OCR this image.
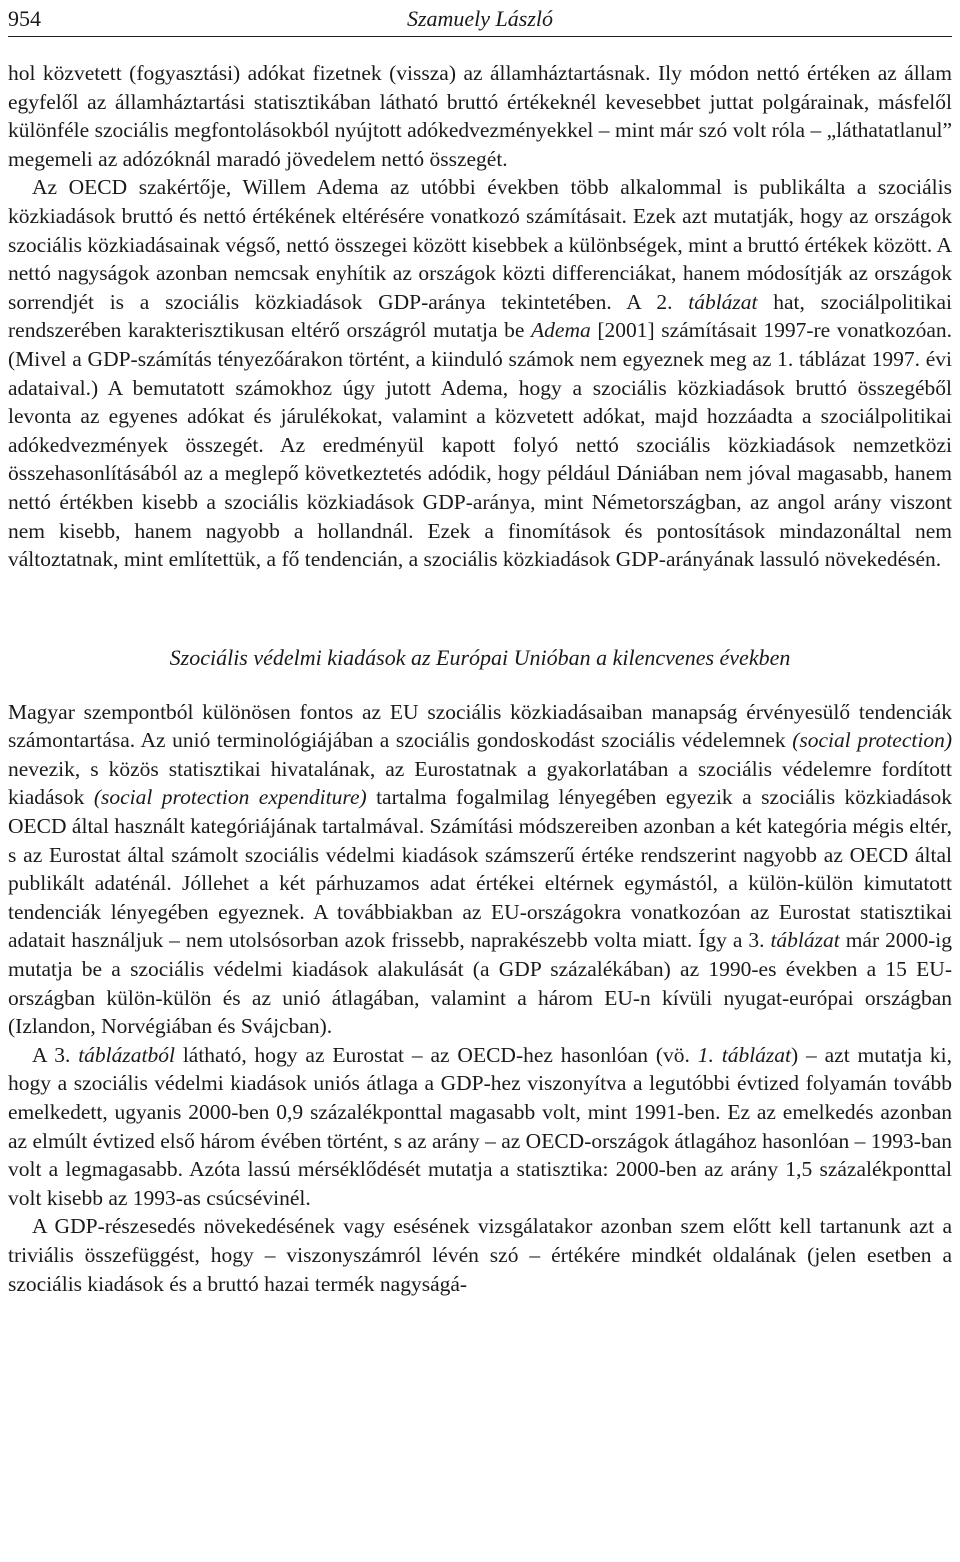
954	Szamuely László

hol közvetett (fogyasztási) adókat fizetnek (vissza) az államháztartásnak. Ily módon nettó értéken az állam egyfelől az államháztartási statisztikában látható bruttó értékeknél kevesebbet juttat polgárainak, másfelől különféle szociális megfontolásokból nyújtott adókedvezményekkel – mint már szó volt róla – „láthatatlanul” megemeli az adózóknál maradó jövedelem nettó összegét.

Az OECD szakértője, Willem Adema az utóbbi években több alkalommal is publikálta a szociális közkiadások bruttó és nettó értékének eltérésére vonatkozó számításait. Ezek azt mutatják, hogy az országok szociális közkiadásainak végső, nettó összegei között kisebbek a különbségek, mint a bruttó értékek között. A nettó nagyságok azonban nemcsak enyhítik az országok közti differenciákat, hanem módosítják az országok sorrendjét is a szociális közkiadások GDP-aránya tekintetében. A 2. táblázat hat, szociálpolitikai rendszerében karakterisztikusan eltérő országról mutatja be Adema [2001] számításait 1997-re vonatkozóan. (Mivel a GDP-számítás tényezőárakon történt, a kiinduló számok nem egyeznek meg az 1. táblázat 1997. évi adataival.) A bemutatott számokhoz úgy jutott Adema, hogy a szociális közkiadások bruttó összegéből levonta az egyenes adókat és járulékokat, valamint a közvetett adókat, majd hozzáadta a szociálpolitikai adókedvezmények összegét. Az eredményül kapott folyó nettó szociális közkiadások nemzetközi összehasonlításából az a meglepő következtetés adódik, hogy például Dániában nem jóval magasabb, hanem nettó értékben kisebb a szociális közkiadások GDP-aránya, mint Németországban, az angol arány viszont nem kisebb, hanem nagyobb a hollandnál. Ezek a finomítások és pontosítások mindazonáltal nem változtatnak, mint említettük, a fő tendencián, a szociális közkiadások GDP-arányának lassuló növekedésén.

Szociális védelmi kiadások az Európai Unióban a kilencvenes években

Magyar szempontból különösen fontos az EU szociális közkiadásaiban manapság érvényesülő tendenciák számontartása. Az unió terminológiájában a szociális gondoskodást szociális védelemnek (social protection) nevezik, s közös statisztikai hivatalának, az Eurostatnak a gyakorlatában a szociális védelemre fordított kiadások (social protection expenditure) tartalma fogalmilag lényegében egyezik a szociális közkiadások OECD által használt kategóriájának tartalmával. Számítási módszereiben azonban a két kategória mégis eltér, s az Eurostat által számolt szociális védelmi kiadások számszerű értéke rendszerint nagyobb az OECD által publikált adaténál. Jóllehet a két párhuzamos adat értékei eltérnek egymástól, a külön-külön kimutatott tendenciák lényegében egyeznek. A továbbiakban az EU-országokra vonatkozóan az Eurostat statisztikai adatait használjuk – nem utolsósorban azok frissebb, naprakészebb volta miatt. Így a 3. táblázat már 2000-ig mutatja be a szociális védelmi kiadások alakulását (a GDP százalékában) az 1990-es években a 15 EU-országban külön-külön és az unió átlagában, valamint a három EU-n kívüli nyugat-európai országban (Izlandon, Norvégiában és Svájcban).

A 3. táblázatból látható, hogy az Eurostat – az OECD-hez hasonlóan (vö. 1. táblázat) – azt mutatja ki, hogy a szociális védelmi kiadások uniós átlaga a GDP-hez viszonyítva a legutóbbi évtized folyamán tovább emelkedett, ugyanis 2000-ben 0,9 százalékponttal magasabb volt, mint 1991-ben. Ez az emelkedés azonban az elmúlt évtized első három évében történt, s az arány – az OECD-országok átlagához hasonlóan – 1993-ban volt a legmagasabb. Azóta lassú mérséklődését mutatja a statisztika: 2000-ben az arány 1,5 százalékponttal volt kisebb az 1993-as csúcsévinél.

A GDP-részesedés növekedésének vagy esésének vizsgálatakor azonban szem előtt kell tartanunk azt a triviális összefüggést, hogy – viszonyszámról lévén szó – értékére mindkét oldalának (jelen esetben a szociális kiadások és a bruttó hazai termék nagyságá-
